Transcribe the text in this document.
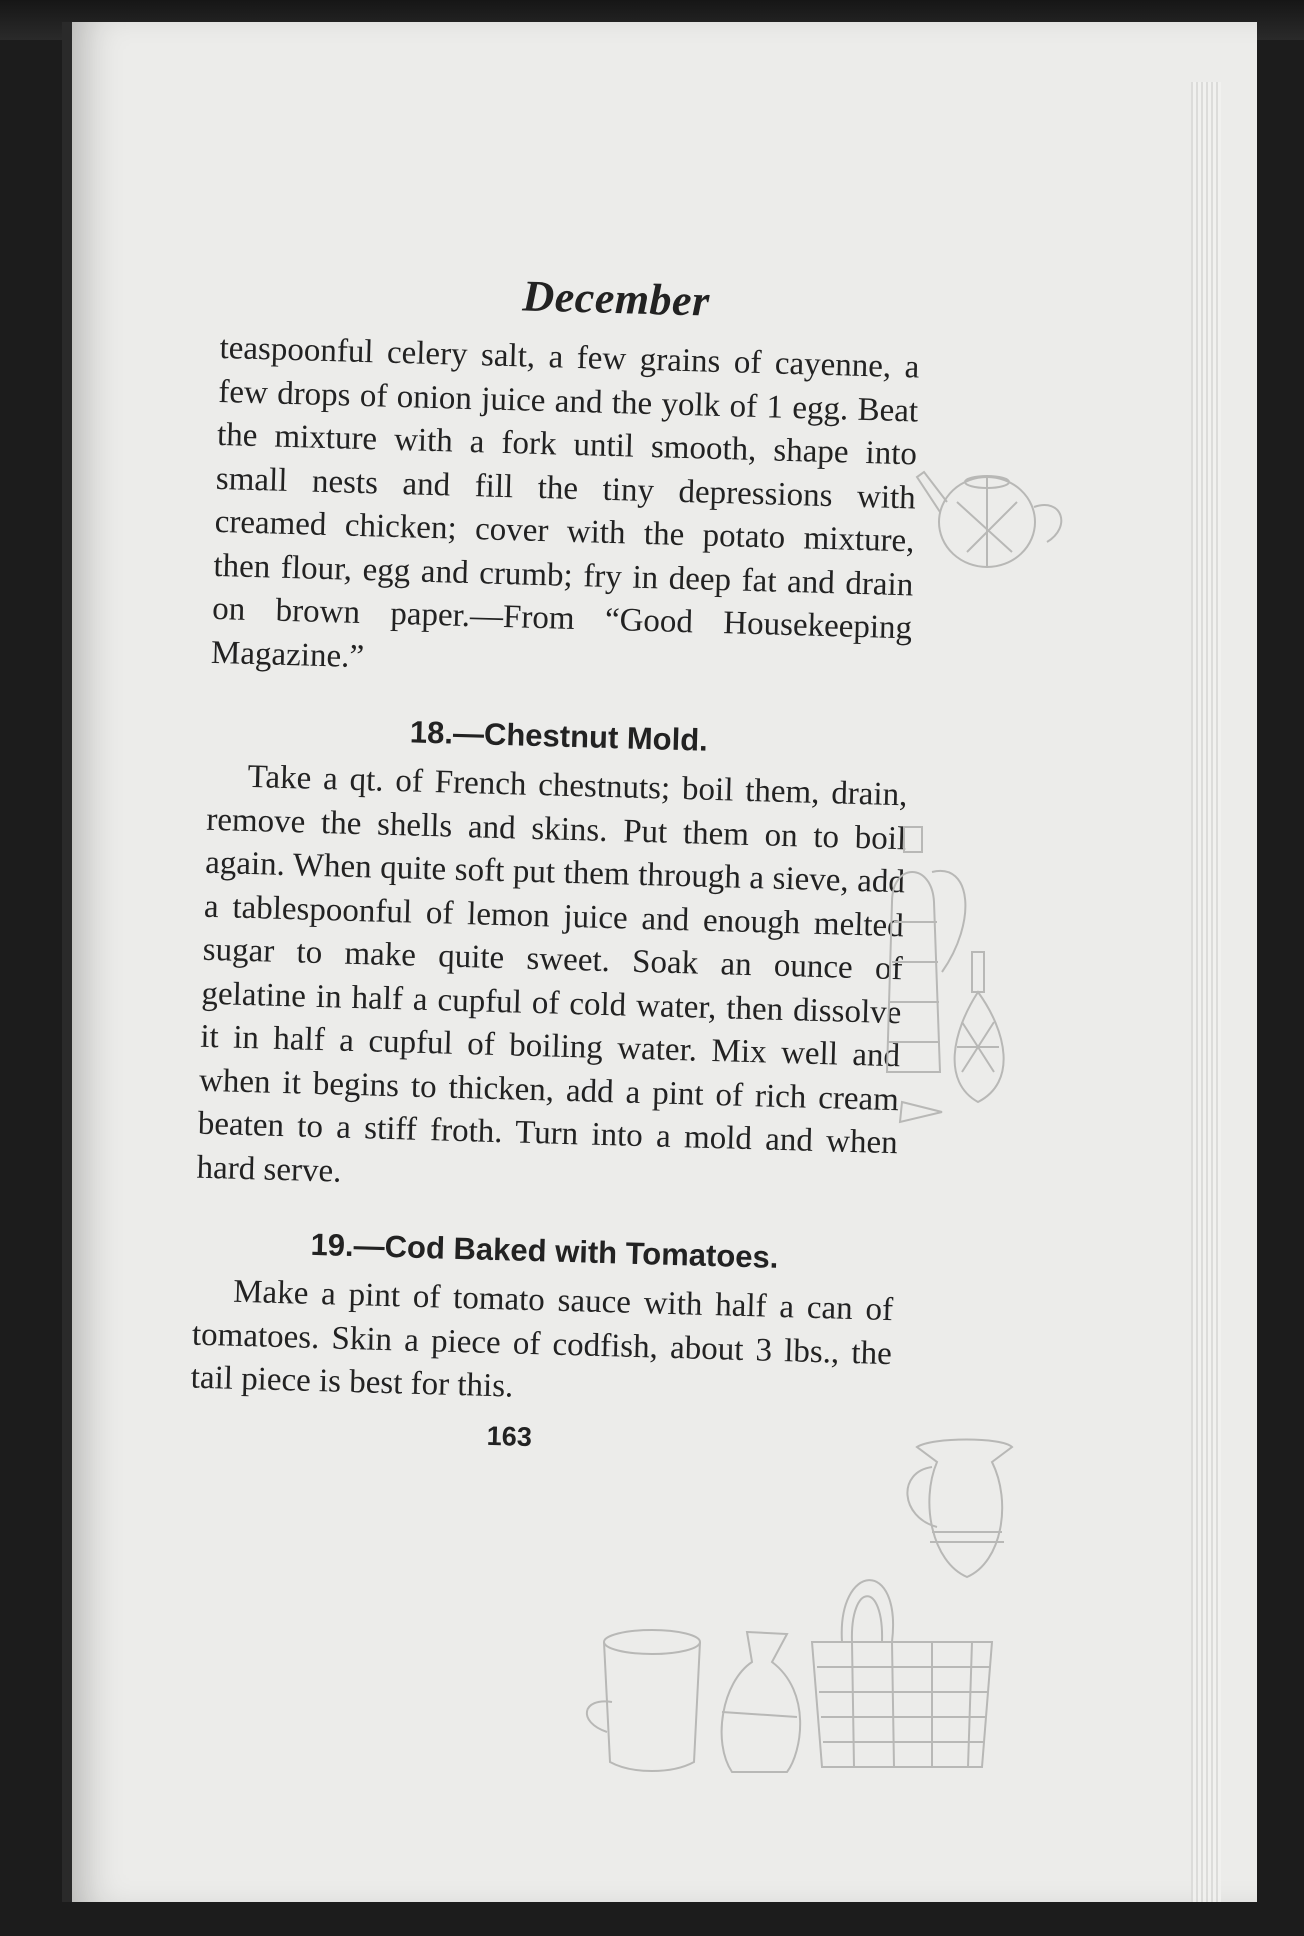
December

teaspoonful celery salt, a few grains of cayenne, a few drops of onion juice and the yolk of 1 egg. Beat the mixture with a fork until smooth, shape into small nests and fill the tiny depressions with creamed chicken; cover with the potato mixture, then flour, egg and crumb; fry in deep fat and drain on brown paper.—From “Good Housekeeping Magazine.”

18.—Chestnut Mold.

Take a qt. of French chestnuts; boil them, drain, remove the shells and skins. Put them on to boil again. When quite soft put them through a sieve, add a tablespoonful of lemon juice and enough melted sugar to make quite sweet. Soak an ounce of gelatine in half a cupful of cold water, then dissolve it in half a cupful of boiling water. Mix well and when it begins to thicken, add a pint of rich cream beaten to a stiff froth. Turn into a mold and when hard serve.

19.—Cod Baked with Tomatoes.

Make a pint of tomato sauce with half a can of tomatoes. Skin a piece of codfish, about 3 lbs., the tail piece is best for this.

163
